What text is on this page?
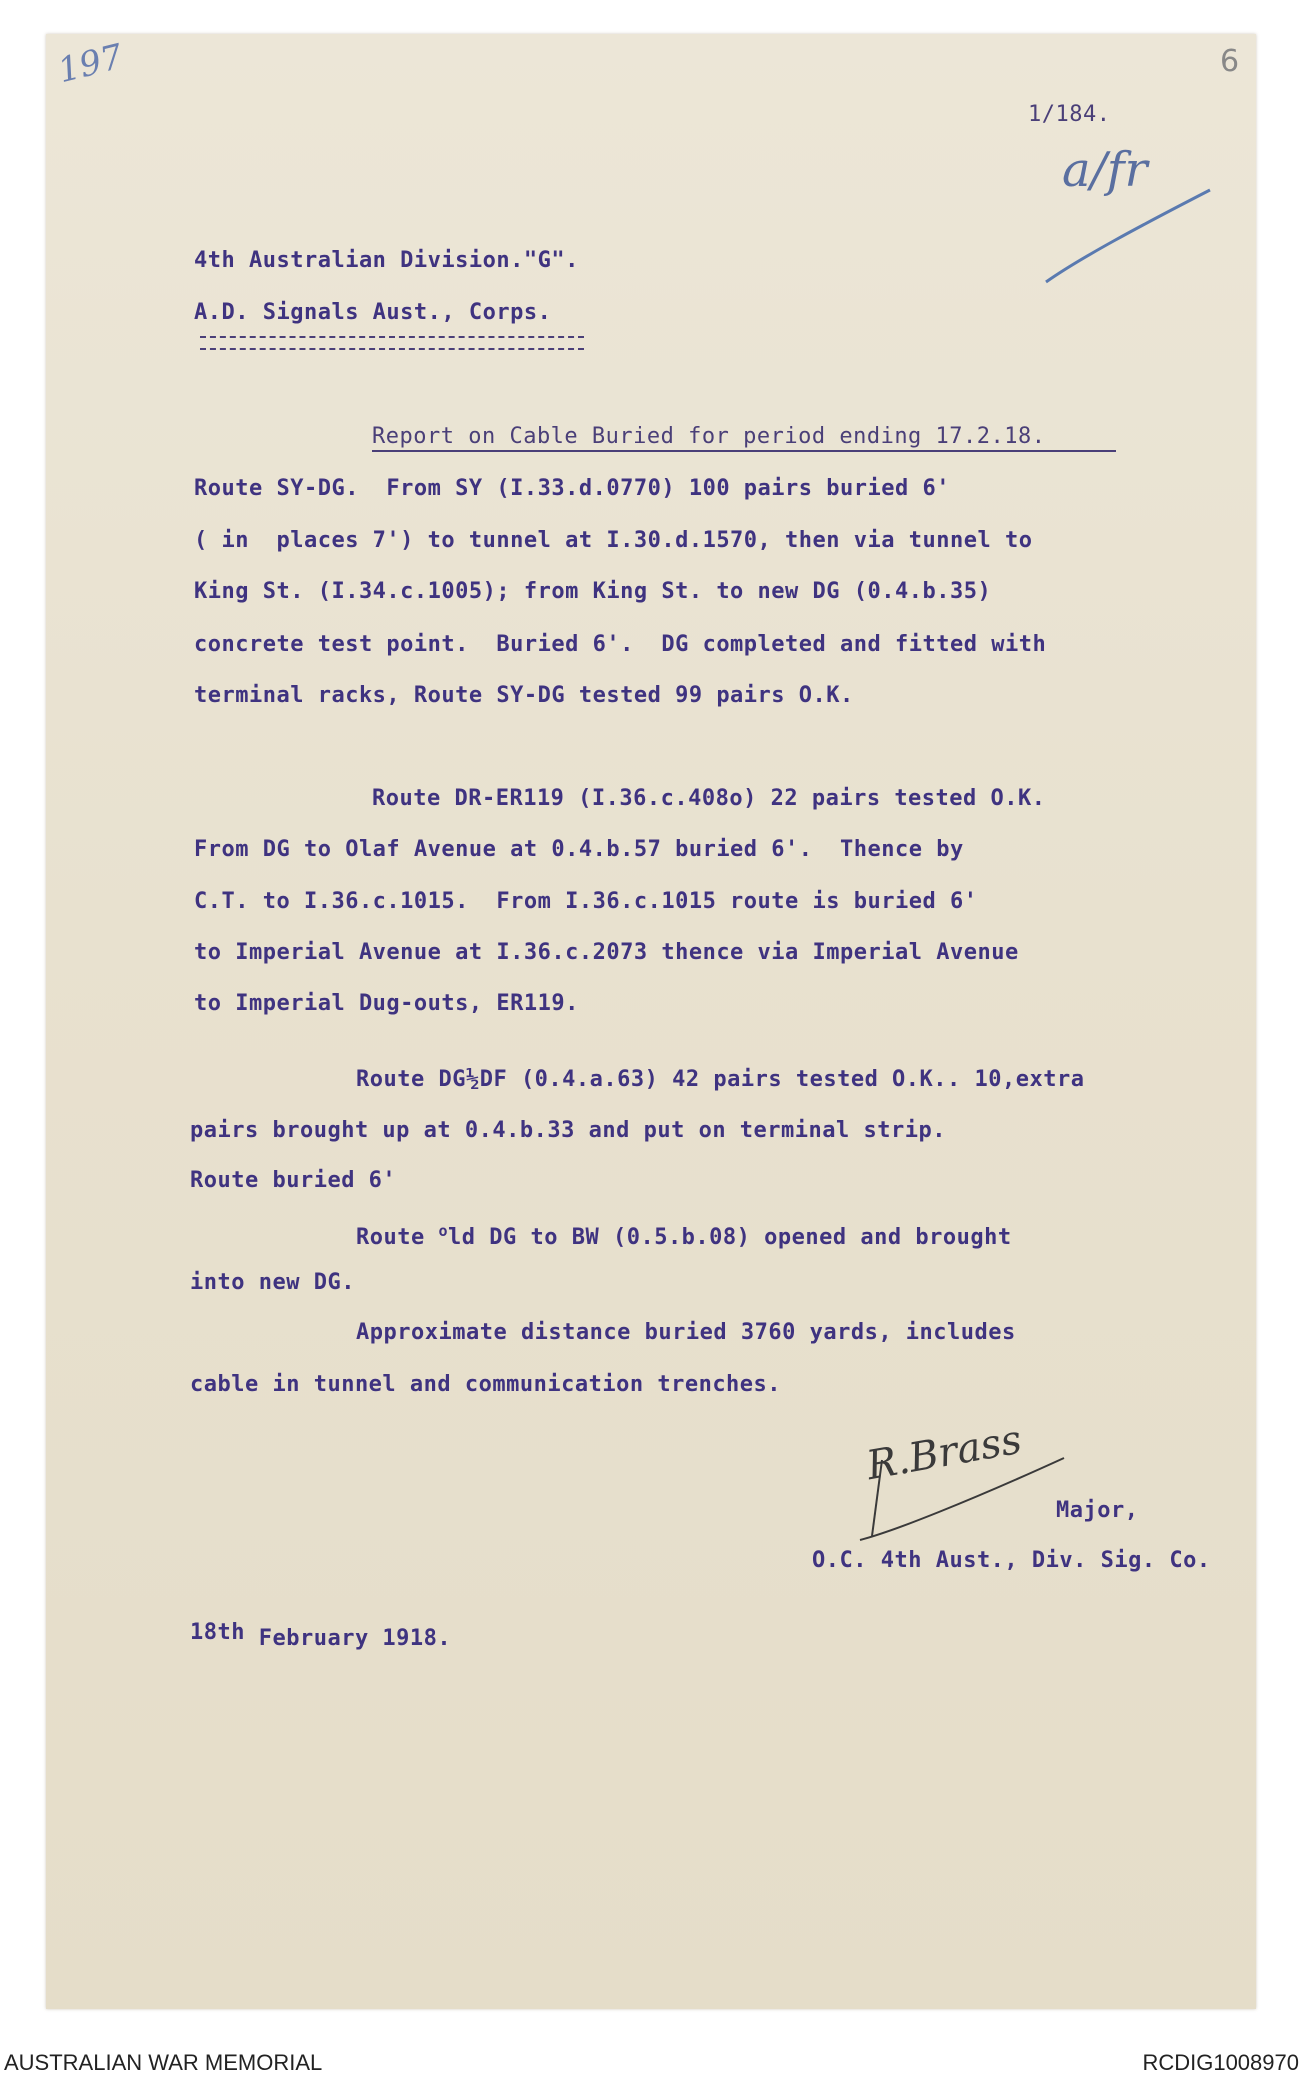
197	6
1/184.
a/fr
4th Australian Division."G".
A.D. Signals Aust., Corps.
Report on Cable Buried for period ending 17.2.18.
Route SY-DG.  From SY (I.33.d.0770) 100 pairs buried 6'
( in  places 7') to tunnel at I.30.d.1570, then via tunnel to
King St. (I.34.c.1005); from King St. to new DG (0.4.b.35)
concrete test point.  Buried 6'.  DG completed and fitted with
terminal racks, Route SY-DG tested 99 pairs O.K.
Route DR-ER119 (I.36.c.408o) 22 pairs tested O.K.
From DG to Olaf Avenue at 0.4.b.57 buried 6'.  Thence by
C.T. to I.36.c.1015.  From I.36.c.1015 route is buried 6'
to Imperial Avenue at I.36.c.2073 thence via Imperial Avenue
to Imperial Dug-outs, ER119.
Route DG½DF (0.4.a.63) 42 pairs tested O.K.. 10,extra
pairs brought up at 0.4.b.33 and put on terminal strip.
Route buried 6'
Route $^o$ld DG to BW (0.5.b.08) opened and brought
into new DG.
Approximate distance buried 3760 yards, includes
cable in tunnel and communication trenches.
R.Brass
Major,
O.C. 4th Aust., Div. Sig. Co.
$^{18th}$ February 1918.
AUSTRALIAN WAR MEMORIAL	RCDIG1008970
